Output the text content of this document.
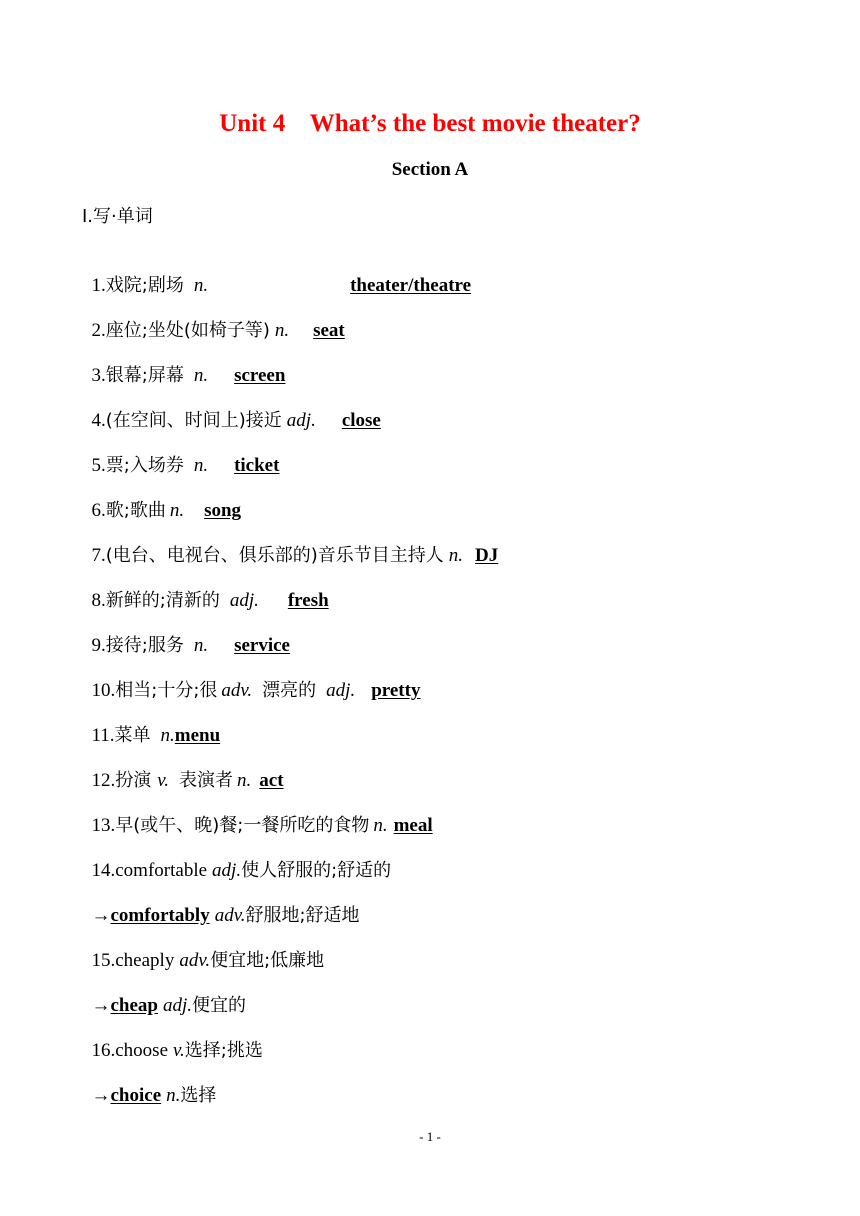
Unit 4    What’s the best movie theater?
Section A
Ⅰ.写·单词

1.戏院;剧场 n.	theater/theatre

2.座位;坐处(如椅子等) n. seat

3.银幕;屏幕 n. screen

4.(在空间、时间上)接近 adj. close

5.票;入场券 n. ticket

6.歌;歌曲 n. song

7.(电台、电视台、俱乐部的)音乐节目主持人 n. DJ

8.新鲜的;清新的 adj. fresh

9.接待;服务 n. service

10.相当;十分;很 adv. 漂亮的 adj. pretty

11.菜单 n.menu

12.扮演 v. 表演者 n. act

13.早(或午、晚)餐;一餐所吃的食物 n. meal

14.comfortable adj.使人舒服的;舒适的

→comfortably adv.舒服地;舒适地

15.cheaply adv.便宜地;低廉地

→cheap adj.便宜的

16.choose v.选择;挑选

→choice n.选择

- 1 -
